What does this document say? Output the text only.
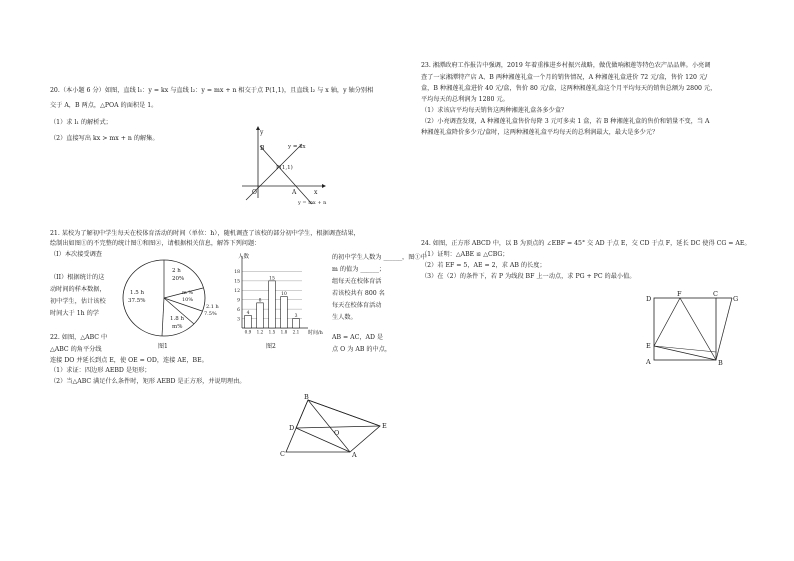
20.（本小题 6 分）如图，直线 l₁：y = kx 与直线 l₂：y = mx + n 相交于点 P(1,1)，且直线 l₂ 与 x 轴，y 轴分别相
交于 A，B 两点，△POA 的面积是 1。
（1）求 l₁ 的解析式；
（2）直接写出 kx > mx + n 的解集。
y
x
O	A
B
P(1,1)
y = kx
y = mx + n
21. 某校为了解初中学生每天在校体育活动的时间（单位：h），随机调查了该校的部分初中学生，根据调查结果，
绘制出如图①的不完整的统计图①和图②，请根据相关信息，解答下列问题：
（I）本次接受调查
（II）根据统计的这
动时间的样本数据，
初中学生，估计该校
时间大于 1h 的学
的初中学生人数为 ______，图①中
m 的值为 ______；
组每天在校体育活
若该校共有 800 名
每天在校体育活动
生人数。
2 h
20%
m %
10%
2.1 h
7.5%
1.8 h
m%
1.5 h
37.5%
图1
人数
时间/h
图2
3
6
9
12
15
18
4
0.9
8
1.2
15
1.5
10
1.8
3
2.1
22. 如图，△ABC 中
△ABC 的角平分线
AB = AC，AD 是
点 O 为 AB 的中点，
连接 DO 并延长到点 E，使 OE = OD，连接 AE，BE。
（1）求证：四边形 AEBD 是矩形；
（2）当△ABC 满足什么条件时，矩形 AEBD 是正方形，并说明理由。
B
E
D
O
C	A
23. 湘潭政府工作报告中强调，2019 年着重推进乡村振兴战略，做优做响湘莲等特色农产品品牌。小亮调
查了一家湘潭特产店 A、B 两种湘莲礼盒一个月的销售情况，A 种湘莲礼盒进价 72 元/盒，售价 120 元/
盒，B 种湘莲礼盒进价 40 元/盒，售价 80 元/盒，这两种湘莲礼盒这个月平均每天的销售总额为 2800 元，
平均每天的总利润为 1280 元。
（1）求该店平均每天销售这两种湘莲礼盒各多少盒？
（2）小亮调查发现，A 种湘莲礼盒售价每降 3 元可多卖 1 盒，若 B 种湘莲礼盒的售价和销量不变，当 A
种湘莲礼盒降价多少元/盒时，这两种湘莲礼盒平均每天的总利润最大，最大是多少元？
24. 如图，正方形 ABCD 中，以 B 为顶点的 ∠EBF = 45° 交 AD 于点 E，交 CD 于点 F，延长 DC 使得 CG = AE。
（1）证明：△ABE ≌ △CBG；
（2）若 EF = 5，AE = 2，求 AB 的长度；
（3）在（2）的条件下，若 P 为线段 BF 上一动点，求 PG + PC 的最小值。
D
F	C
G
E
A	B
